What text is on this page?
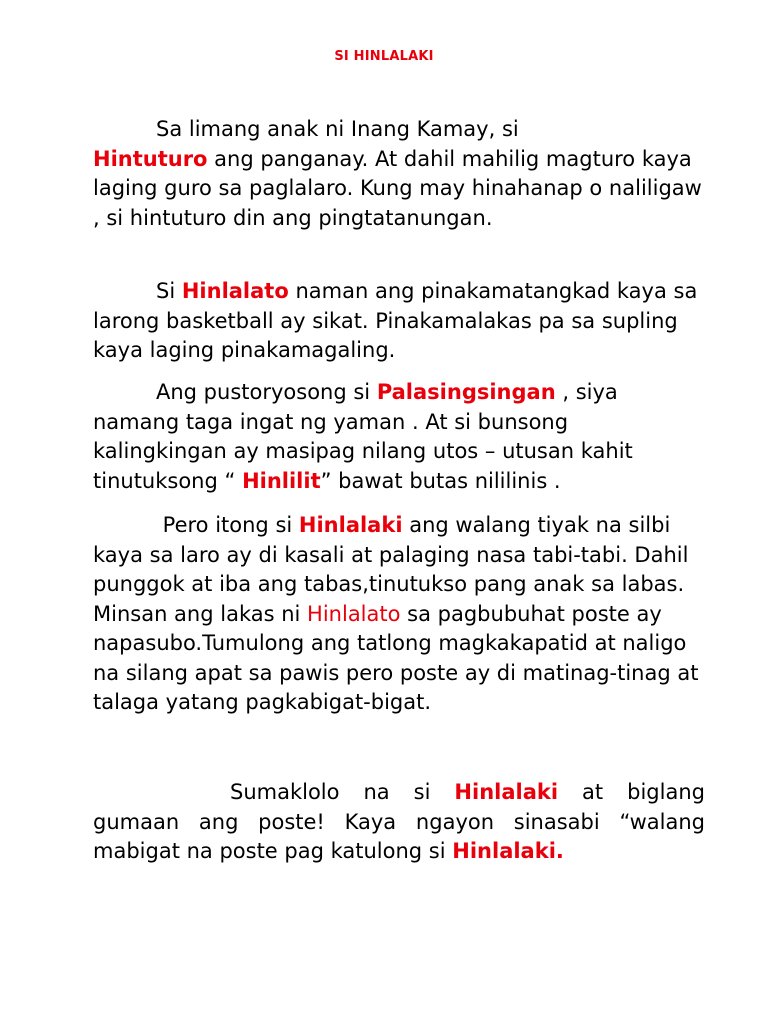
SI HINLALAKI

Sa limang anak ni Inang Kamay, si
Hintuturo ang panganay. At dahil mahilig magturo kaya laging guro sa paglalaro. Kung may hinahanap o naliligaw , si hintuturo din ang pingtatanungan.

Si Hinlalato naman ang pinakamatangkad kaya sa larong basketball ay sikat. Pinakamalakas pa sa supling kaya laging pinakamagaling.

Ang pustoryosong si Palasingsingan , siya namang taga ingat ng yaman . At si bunsong kalingkingan ay masipag nilang utos – utusan kahit tinutuksong “ Hinlilit” bawat butas nililinis .

Pero itong si Hinlalaki ang walang tiyak na silbi kaya sa laro ay di kasali at palaging nasa tabi-tabi. Dahil punggok at iba ang tabas,tinutukso pang anak sa labas. Minsan ang lakas ni Hinlalato sa pagbubuhat poste ay napasubo.Tumulong ang tatlong magkakapatid at naligo na silang apat sa pawis pero poste ay di matinag-tinag at talaga yatang pagkabigat-bigat.

Sumaklolo na si Hinlalaki at biglang gumaan ang poste! Kaya ngayon sinasabi “walang mabigat na poste pag katulong si Hinlalaki.
